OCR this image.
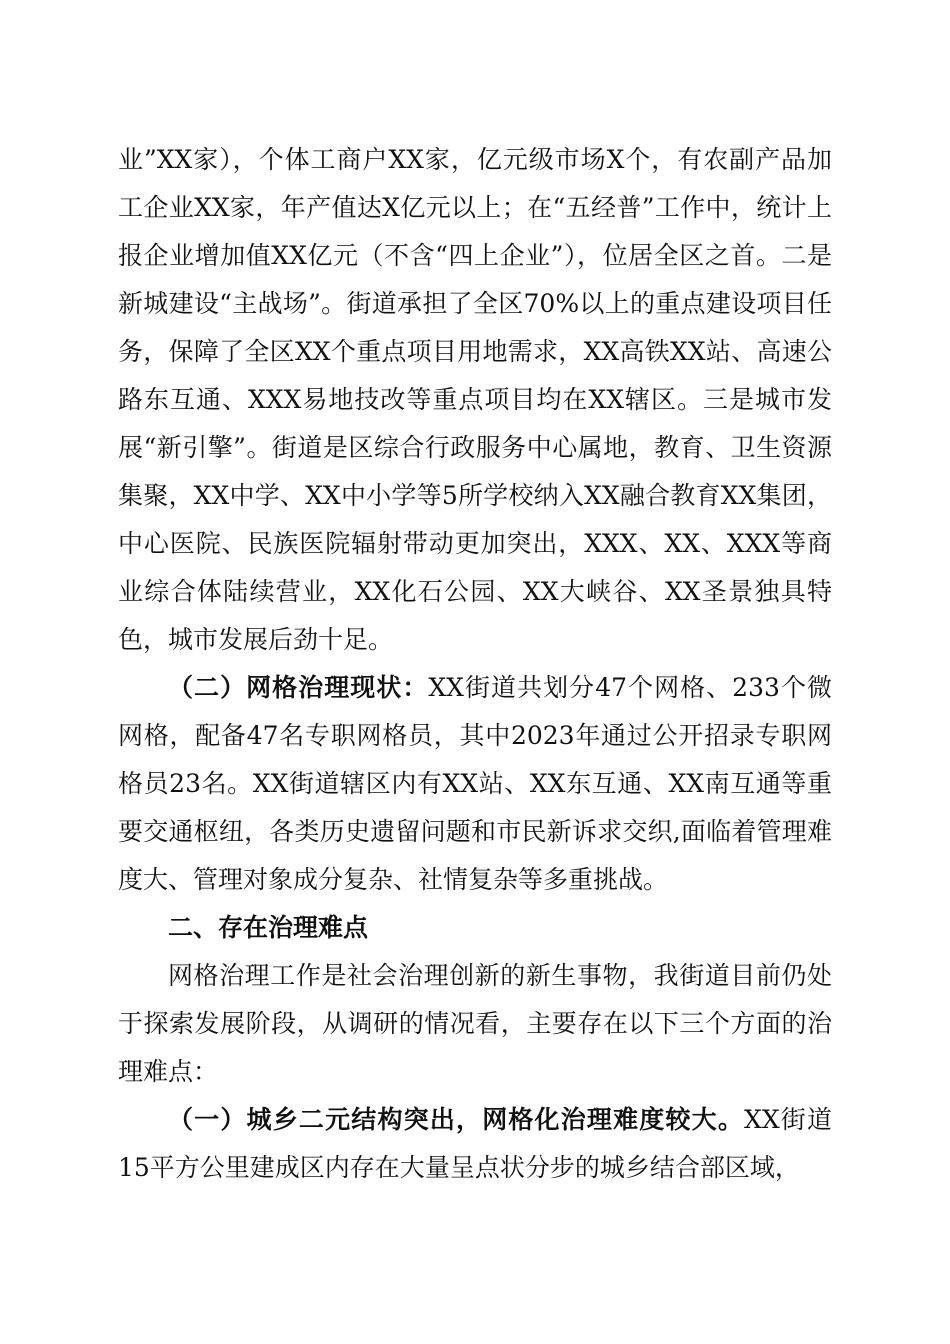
业”XX家），个体工商户XX家，亿元级市场X个，有农副产品加工企业XX家，年产值达X亿元以上；在“五经普”工作中，统计上报企业增加值XX亿元（不含“四上企业”），位居全区之首。二是新城建设“主战场”。街道承担了全区70%以上的重点建设项目任务，保障了全区XX个重点项目用地需求，XX高铁XX站、高速公路东互通、XXX易地技改等重点项目均在XX辖区。三是城市发展“新引擎”。街道是区综合行政服务中心属地，教育、卫生资源集聚，XX中学、XX中小学等5所学校纳入XX融合教育XX集团，中心医院、民族医院辐射带动更加突出，XXX、XX、XXX等商业综合体陆续营业，XX化石公园、XX大峡谷、XX圣景独具特色，城市发展后劲十足。

（二）网格治理现状：XX街道共划分47个网格、233个微网格，配备47名专职网格员，其中2023年通过公开招录专职网格员23名。XX街道辖区内有XX站、XX东互通、XX南互通等重要交通枢纽，各类历史遗留问题和市民新诉求交织,面临着管理难度大、管理对象成分复杂、社情复杂等多重挑战。

二、存在治理难点

网格治理工作是社会治理创新的新生事物，我街道目前仍处于探索发展阶段，从调研的情况看，主要存在以下三个方面的治理难点：

（一）城乡二元结构突出，网格化治理难度较大。XX街道15平方公里建成区内存在大量呈点状分步的城乡结合部区域，
